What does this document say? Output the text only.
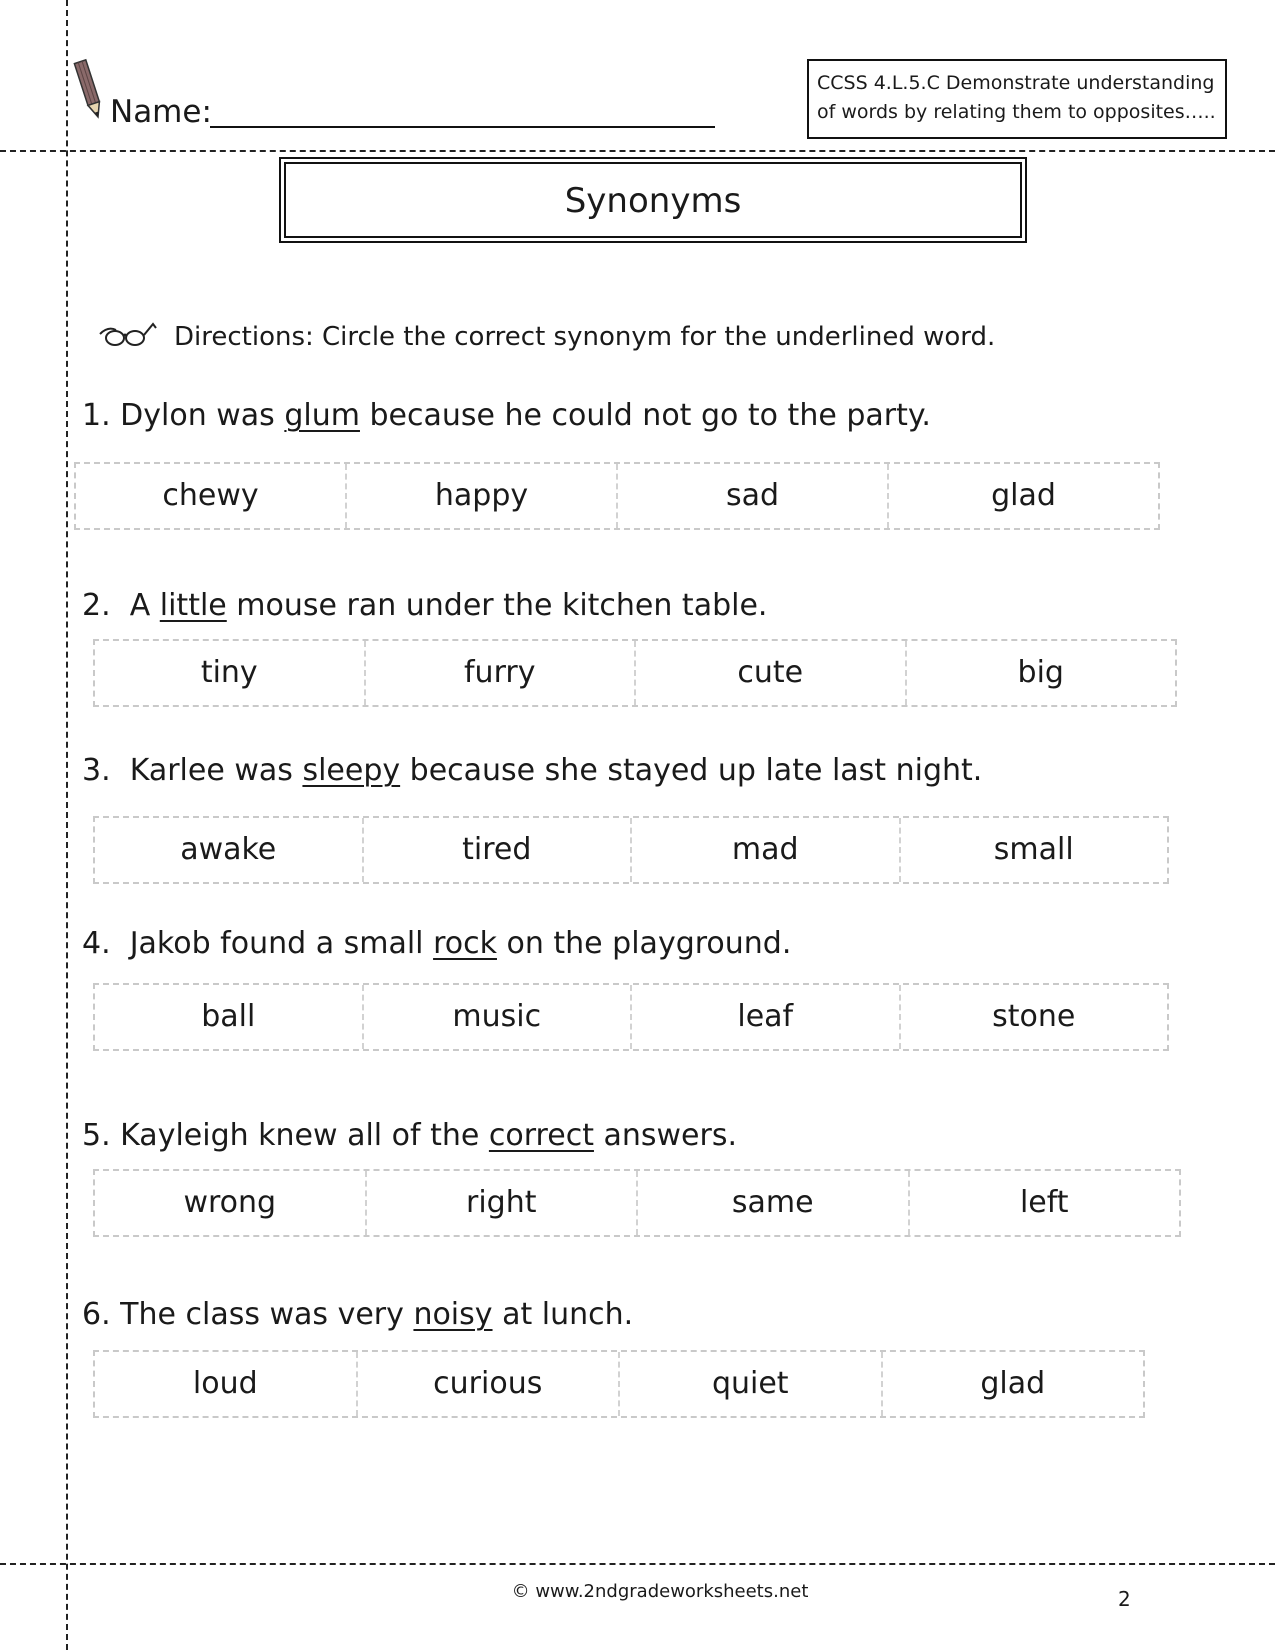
Name:
CCSS 4.L.5.C Demonstrate understanding
of words by relating them to opposites…..
Synonyms
Directions: Circle the correct synonym for the underlined word.
1. Dylon was glum because he could not go to the party.
chewy	happy	sad	glad
2.  A little mouse ran under the kitchen table.
tiny	furry	cute	big
3.  Karlee was sleepy because she stayed up late last night.
awake	tired	mad	small
4.  Jakob found a small rock on the playground.
ball	music	leaf	stone
5. Kayleigh knew all of the correct answers.
wrong	right	same	left
6. The class was very noisy at lunch.
loud	curious	quiet	glad
© www.2ndgradeworksheets.net	2
